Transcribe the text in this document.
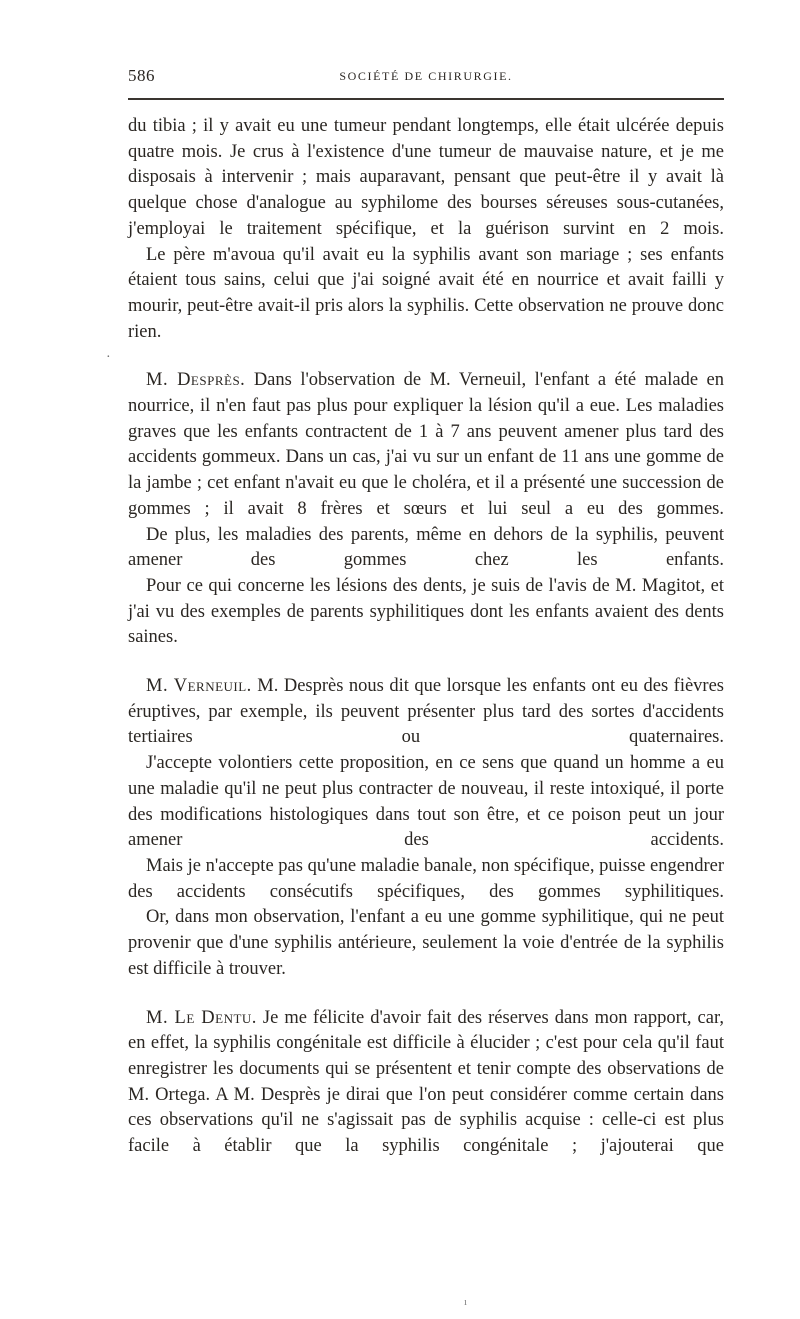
586	SOCIÉTÉ DE CHIRURGIE.
·
du tibia ; il y avait eu une tumeur pendant longtemps, elle était ulcérée depuis quatre mois. Je crus à l'existence d'une tumeur de mauvaise nature, et je me disposais à intervenir ; mais auparavant, pensant que peut-être il y avait là quelque chose d'analogue au syphilome des bourses séreuses sous-cutanées, j'employai le traitement spécifique, et la guérison survint en 2 mois.
Le père m'avoua qu'il avait eu la syphilis avant son mariage ; ses enfants étaient tous sains, celui que j'ai soigné avait été en nourrice et avait failli y mourir, peut-être avait-il pris alors la syphilis. Cette observation ne prouve donc rien.
M. Desprès. Dans l'observation de M. Verneuil, l'enfant a été malade en nourrice, il n'en faut pas plus pour expliquer la lésion qu'il a eue. Les maladies graves que les enfants contractent de 1 à 7 ans peuvent amener plus tard des accidents gommeux. Dans un cas, j'ai vu sur un enfant de 11 ans une gomme de la jambe ; cet enfant n'avait eu que le choléra, et il a présenté une succession de gommes ; il avait 8 frères et sœurs et lui seul a eu des gommes.
De plus, les maladies des parents, même en dehors de la syphilis, peuvent amener des gommes chez les enfants.
Pour ce qui concerne les lésions des dents, je suis de l'avis de M. Magitot, et j'ai vu des exemples de parents syphilitiques dont les enfants avaient des dents saines.
M. Verneuil. M. Desprès nous dit que lorsque les enfants ont eu des fièvres éruptives, par exemple, ils peuvent présenter plus tard des sortes d'accidents tertiaires ou quaternaires.
J'accepte volontiers cette proposition, en ce sens que quand un homme a eu une maladie qu'il ne peut plus contracter de nouveau, il reste intoxiqué, il porte des modifications histologiques dans tout son être, et ce poison peut un jour amener des accidents.
Mais je n'accepte pas qu'une maladie banale, non spécifique, puisse engendrer des accidents consécutifs spécifiques, des gommes syphilitiques.
Or, dans mon observation, l'enfant a eu une gomme syphilitique, qui ne peut provenir que d'une syphilis antérieure, seulement la voie d'entrée de la syphilis est difficile à trouver.
M. Le Dentu. Je me félicite d'avoir fait des réserves dans mon rapport, car, en effet, la syphilis congénitale est difficile à élucider ; c'est pour cela qu'il faut enregistrer les documents qui se présentent et tenir compte des observations de M. Ortega. A M. Desprès je dirai que l'on peut considérer comme certain dans ces observations qu'il ne s'agissait pas de syphilis acquise : celle-ci est plus facile à établir que la syphilis congénitale ; j'ajouterai que
ı
